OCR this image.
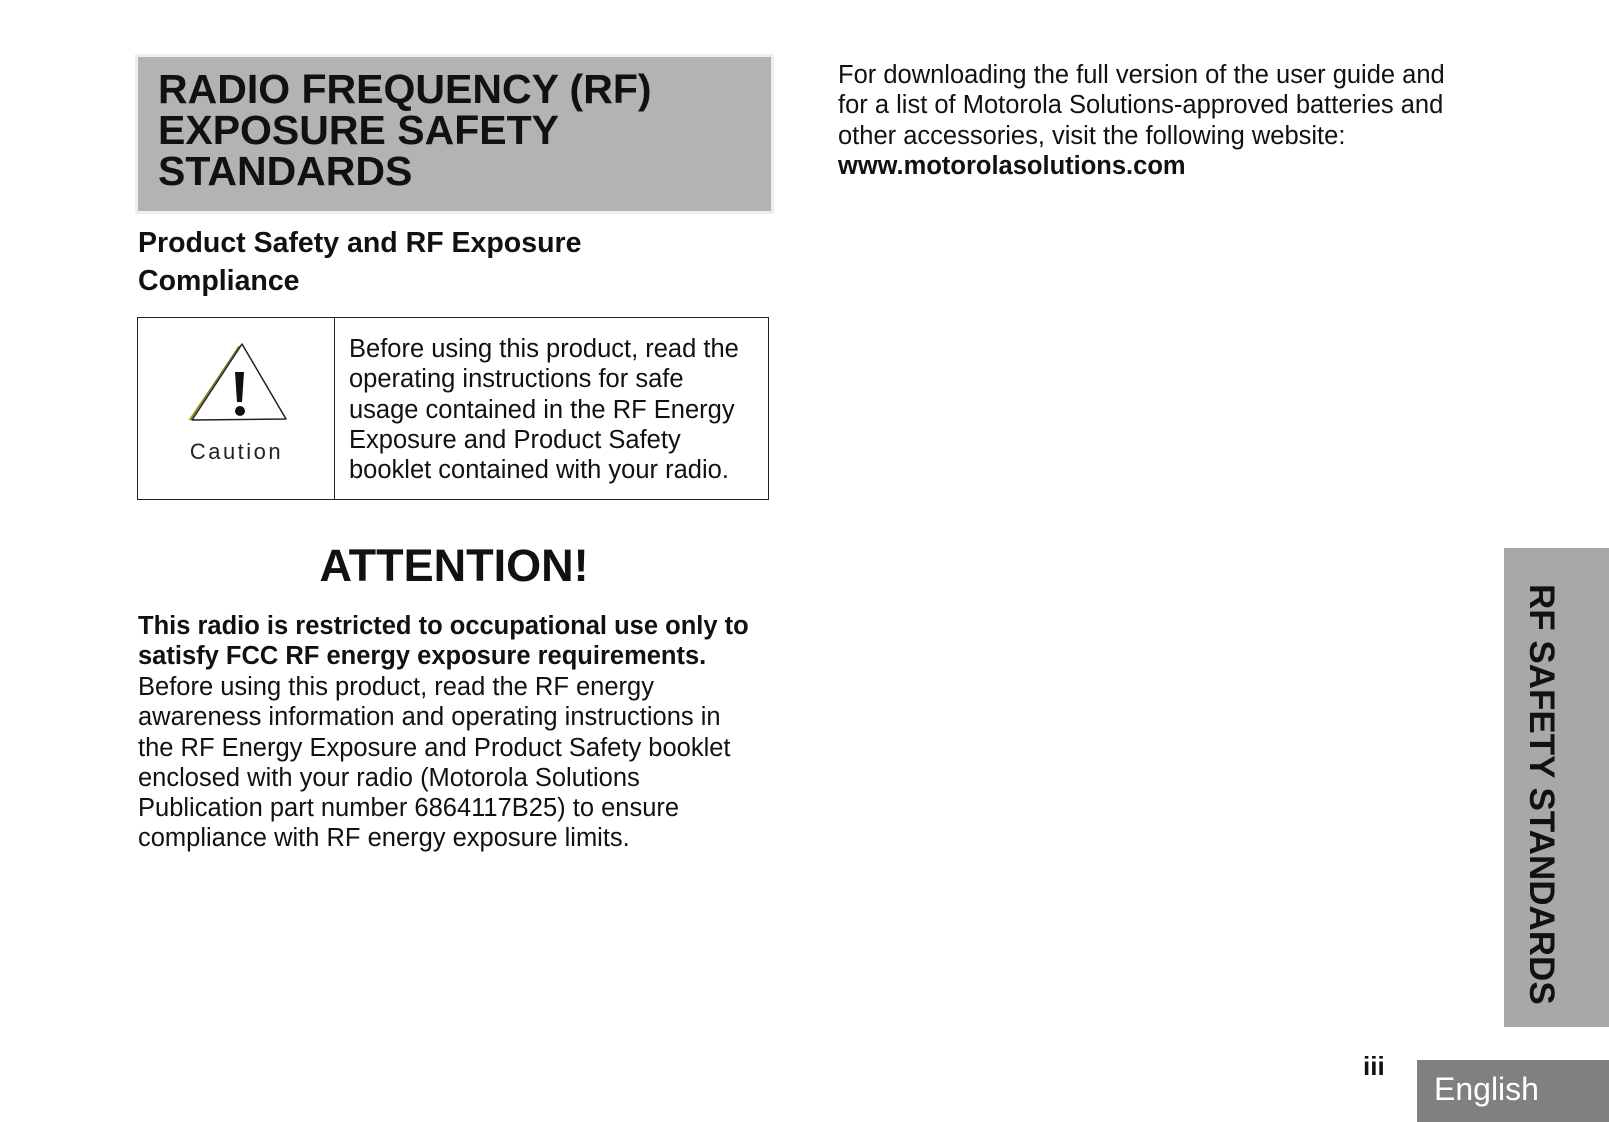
RADIO FREQUENCY (RF)
EXPOSURE SAFETY
STANDARDS
Product Safety and RF Exposure
Compliance
Caution
Before using this product, read the
operating instructions for safe
usage contained in the RF Energy
Exposure and Product Safety
booklet contained with your radio.
ATTENTION!
This radio is restricted to occupational use only to
satisfy FCC RF energy exposure requirements.
Before using this product, read the RF energy
awareness information and operating instructions in
the RF Energy Exposure and Product Safety booklet
enclosed with your radio (Motorola Solutions
Publication part number 6864117B25) to ensure
compliance with RF energy exposure limits.
For downloading the full version of the user guide and
for a list of Motorola Solutions-approved batteries and
other accessories, visit the following website:
www.motorolasolutions.com
RF SAFETY STANDARDS
iii
English
